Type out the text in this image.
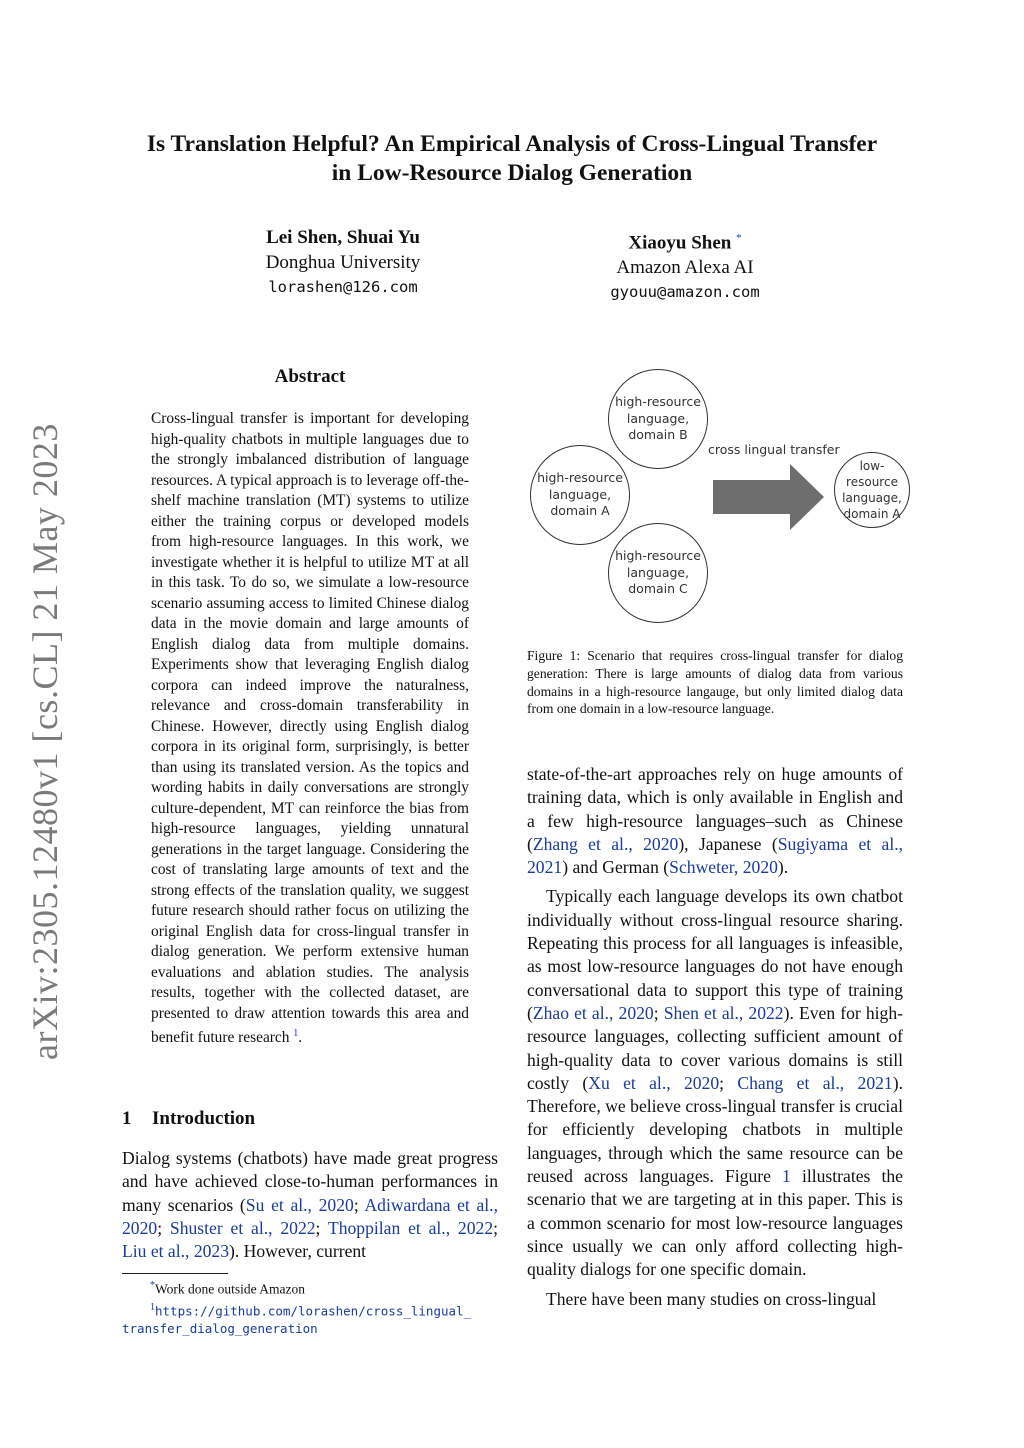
Is Translation Helpful? An Empirical Analysis of Cross-Lingual Transfer
in Low-Resource Dialog Generation
Lei Shen, Shuai Yu
Donghua University
lorashen@126.com
Xiaoyu Shen *
Amazon Alexa AI
gyouu@amazon.com
arXiv:2305.12480v1 [cs.CL] 21 May 2023
Abstract
Cross-lingual transfer is important for developing high-quality chatbots in multiple languages due to the strongly imbalanced distribution of language resources. A typical approach is to leverage off-the-shelf machine translation (MT) systems to utilize either the training corpus or developed models from high-resource languages. In this work, we investigate whether it is helpful to utilize MT at all in this task. To do so, we simulate a low-resource scenario assuming access to limited Chinese dialog data in the movie domain and large amounts of English dialog data from multiple domains. Experiments show that leveraging English dialog corpora can indeed improve the naturalness, relevance and cross-domain transferability in Chinese. However, directly using English dialog corpora in its original form, surprisingly, is better than using its translated version. As the topics and wording habits in daily conversations are strongly culture-dependent, MT can reinforce the bias from high-resource languages, yielding unnatural generations in the target language. Considering the cost of translating large amounts of text and the strong effects of the translation quality, we suggest future research should rather focus on utilizing the original English data for cross-lingual transfer in dialog generation. We perform extensive human evaluations and ablation studies. The analysis results, together with the collected dataset, are presented to draw attention towards this area and benefit future research $^1$.
1 Introduction

Dialog systems (chatbots) have made great progress and have achieved close-to-human performances in many scenarios (Su et al., 2020; Adiwardana et al., 2020; Shuster et al., 2022; Thoppilan et al., 2022; Liu et al., 2023). However, current

*Work done outside Amazon
$^1$https://github.com/lorashen/cross_lingual_
transfer_dialog_generation
high-resource language, domain B
high-resource language, domain A
high-resource language, domain C
low-resource language, domain A
cross lingual transfer
Figure 1: Scenario that requires cross-lingual transfer for dialog generation: There is large amounts of dialog data from various domains in a high-resource langauge, but only limited dialog data from one domain in a low-resource language.

state-of-the-art approaches rely on huge amounts of training data, which is only available in English and a few high-resource languages–such as Chinese (Zhang et al., 2020), Japanese (Sugiyama et al., 2021) and German (Schweter, 2020).

Typically each language develops its own chatbot individually without cross-lingual resource sharing. Repeating this process for all languages is infeasible, as most low-resource languages do not have enough conversational data to support this type of training (Zhao et al., 2020; Shen et al., 2022). Even for high-resource languages, collecting sufficient amount of high-quality data to cover various domains is still costly (Xu et al., 2020; Chang et al., 2021). Therefore, we believe cross-lingual transfer is crucial for efficiently developing chatbots in multiple languages, through which the same resource can be reused across languages. Figure 1 illustrates the scenario that we are targeting at in this paper. This is a common scenario for most low-resource languages since usually we can only afford collecting high-quality dialogs for one specific domain.

There have been many studies on cross-lingual
